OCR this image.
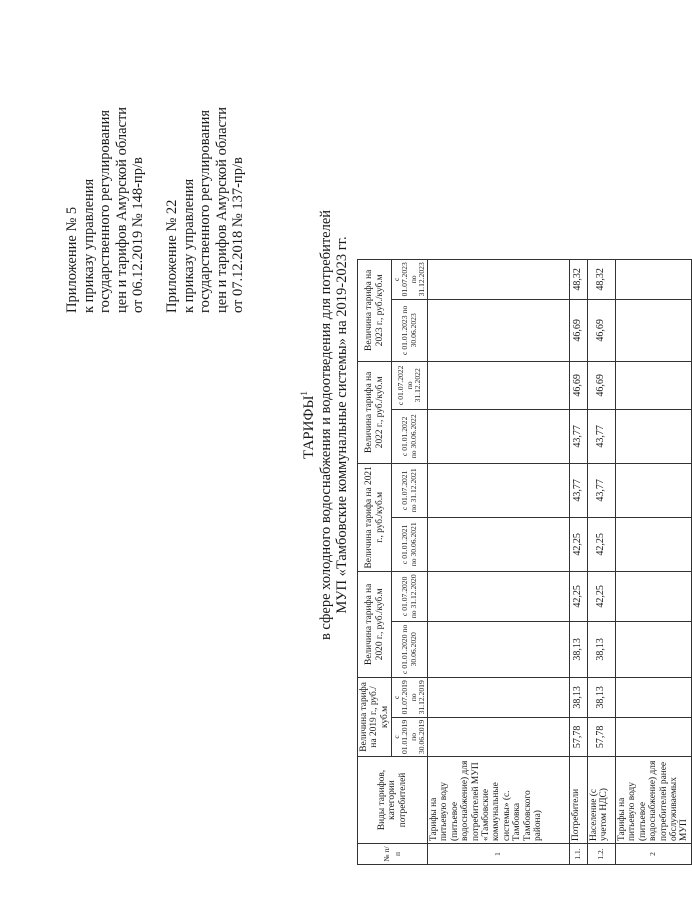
Приложение № 5 к приказу управления государственного регулирования цен и тарифов Амурской области от 06.12.2019 № 148-пр/в Приложение № 22 к приказу управления государственного регулирования цен и тарифов Амурской области от 07.12.2018 № 137-пр/в
ТАРИФЫ$^1$ в сфере холодного водоснабжения и водоотведения для потребителей МУП «Тамбовские коммунальные системы» на 2019-2023 гг.
№ п/п	Виды тарифов, категории потребителей	Величина тарифа на 2019 г., руб./куб.м		Величина тарифа на 2020 г., руб./куб.м		Величина тарифа на 2021 г., руб./куб.м		Величина тарифа на 2022 г., руб./куб.м		Величина тарифа на 2023 г., руб./куб.м	
		с 01.01.2019 по 30.06.2019	с 01.07.2019 по 31.12.2019	с 01.01.2020 по 30.06.2020	с 01.07.2020 по 31.12.2020	с 01.01.2021 по 30.06.2021	с 01.07.2021 по 31.12.2021	с 01.01.2022 по 30.06.2022	с 01.07.2022 по 31.12.2022	с 01.01.2023 по 30.06.2023	с 01.07.2023 по 31.12.2023
1	Тарифы на питьевую воду (питьевое водоснабжение) для потребителей МУП «Тамбовские коммунальные системы» (с. Тамбовка Тамбовского района)										
1.1.	Потребители	57,78	38,13	38,13	42,25	42,25	43,77	43,77	46,69	46,69	48,32
1.2.	Население (с учетом НДС)	57,78	38,13	38,13	42,25	42,25	43,77	43,77	46,69	46,69	48,32
2	Тарифы на питьевую воду (питьевое водоснабжение) для потребителей ранее обслуживаемых МУП										
